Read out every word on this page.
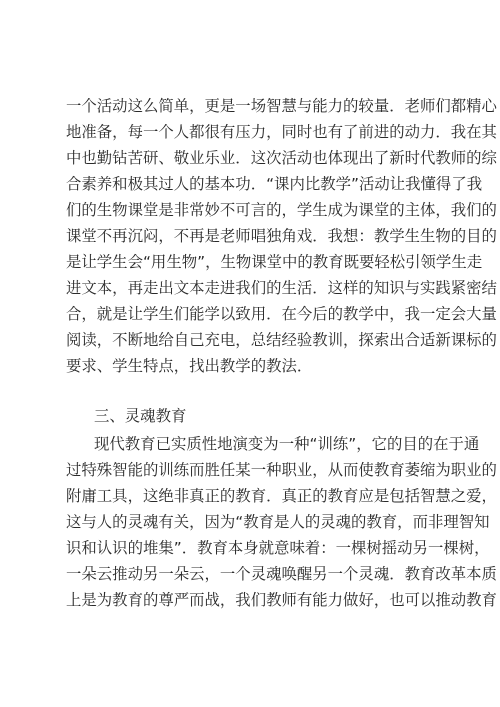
一个活动这么简单，更是一场智慧与能力的较量．老师们都精心
地准备，每一个人都很有压力，同时也有了前进的动力．我在其
中也勤钻苦研、敬业乐业．这次活动也体现出了新时代教师的综
合素养和极其过人的基本功．“课内比教学”活动让我懂得了我
们的生物课堂是非常妙不可言的，学生成为课堂的主体，我们的
课堂不再沉闷，不再是老师唱独角戏．我想：教学生生物的目的
是让学生会“用生物”，生物课堂中的教育既要轻松引领学生走
进文本，再走出文本走进我们的生活．这样的知识与实践紧密结
合，就是让学生们能学以致用．在今后的教学中，我一定会大量
阅读，不断地给自己充电，总结经验教训，探索出合适新课标的
要求、学生特点，找出教学的教法．
三、灵魂教育
现代教育已实质性地演变为一种“训练”，它的目的在于通
过特殊智能的训练而胜任某一种职业，从而使教育萎缩为职业的
附庸工具，这绝非真正的教育．真正的教育应是包括智慧之爱，
这与人的灵魂有关，因为“教育是人的灵魂的教育，而非理智知
识和认识的堆集”．教育本身就意味着：一棵树摇动另一棵树，
一朵云推动另一朵云，一个灵魂唤醒另一个灵魂．教育改革本质
上是为教育的尊严而战，我们教师有能力做好，也可以推动教育
